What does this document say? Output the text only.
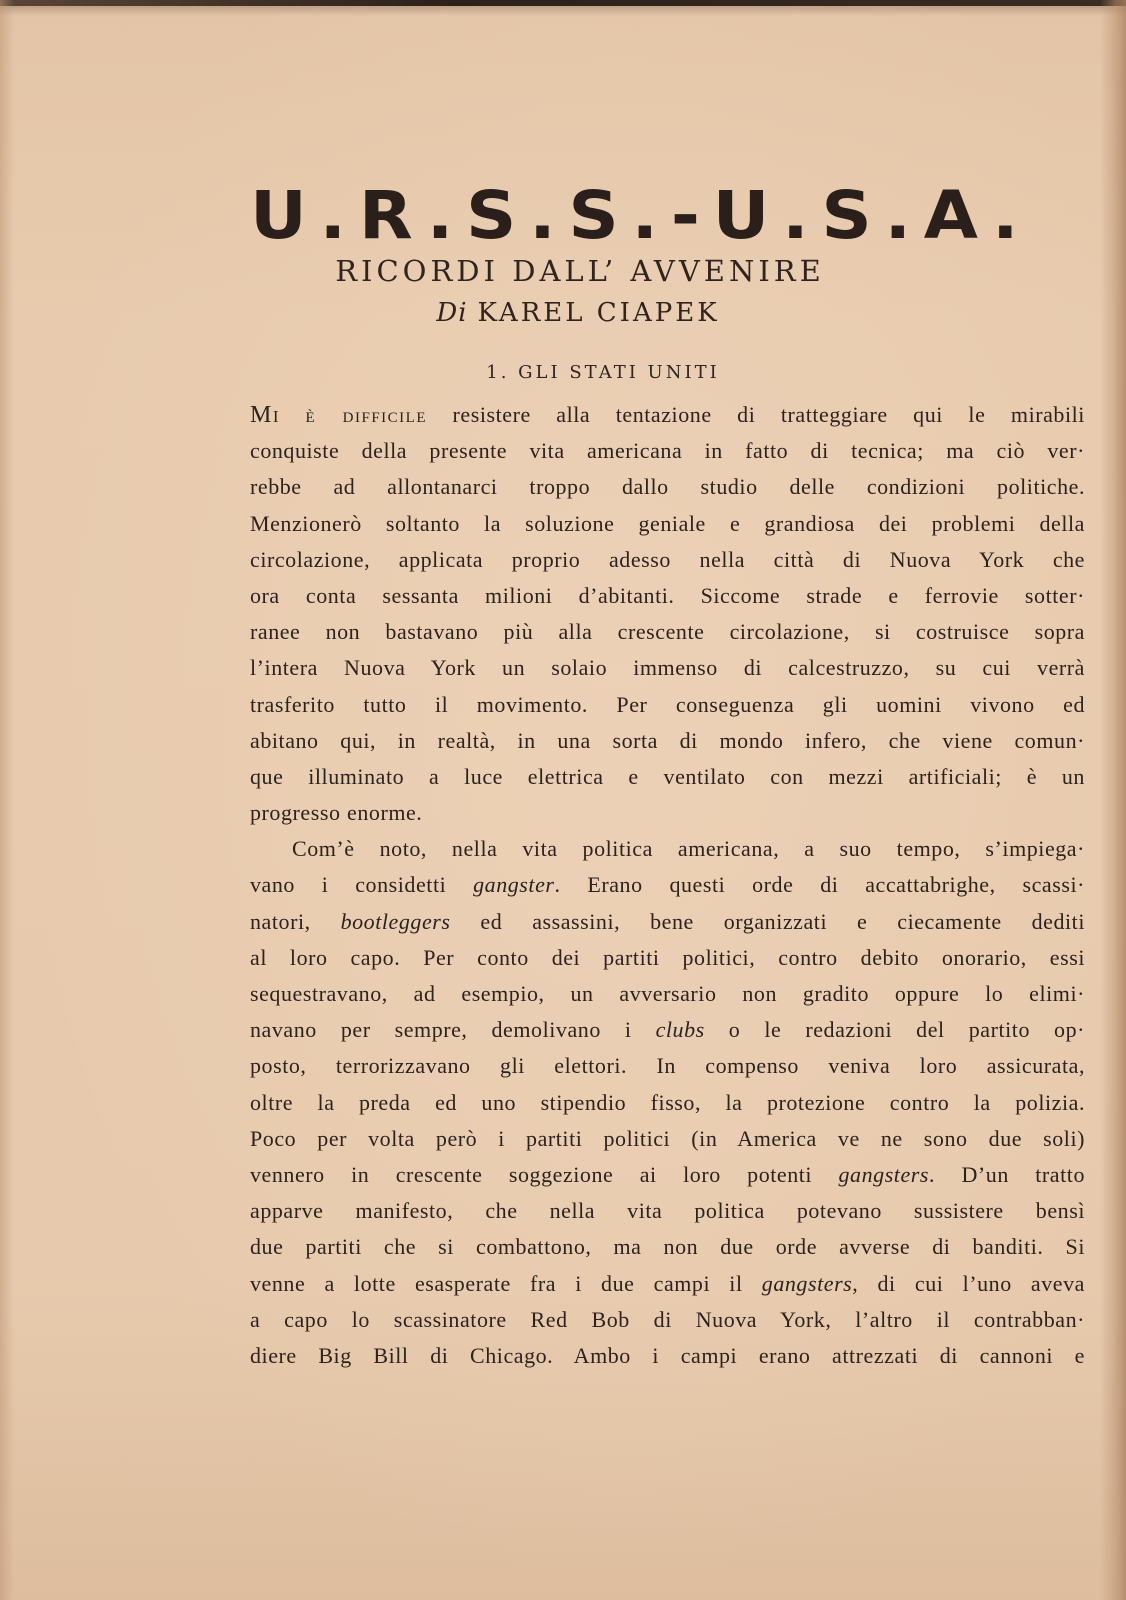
U.R.S.S.-U.S.A.
RICORDI DALL’ AVVENIRE
Di KAREL CIAPEK
1. GLI STATI UNITI
Mi è difficile resistere alla tentazione di tratteggiare qui le mirabili
conquiste della presente vita americana in fatto di tecnica; ma ciò ver·
rebbe ad allontanarci troppo dallo studio delle condizioni politiche.
Menzionerò soltanto la soluzione geniale e grandiosa dei problemi della
circolazione, applicata proprio adesso nella città di Nuova York che
ora conta sessanta milioni d’abitanti. Siccome strade e ferrovie sotter·
ranee non bastavano più alla crescente circolazione, si costruisce sopra
l’intera Nuova York un solaio immenso di calcestruzzo, su cui verrà
trasferito tutto il movimento. Per conseguenza gli uomini vivono ed
abitano qui, in realtà, in una sorta di mondo infero, che viene comun·
que illuminato a luce elettrica e ventilato con mezzi artificiali; è un
progresso enorme.
Com’è noto, nella vita politica americana, a suo tempo, s’impiega·
vano i considetti gangster. Erano questi orde di accattabrighe, scassi·
natori, bootleggers ed assassini, bene organizzati e ciecamente dediti
al loro capo. Per conto dei partiti politici, contro debito onorario, essi
sequestravano, ad esempio, un avversario non gradito oppure lo elimi·
navano per sempre, demolivano i clubs o le redazioni del partito op·
posto, terrorizzavano gli elettori. In compenso veniva loro assicurata,
oltre la preda ed uno stipendio fisso, la protezione contro la polizia.
Poco per volta però i partiti politici (in America ve ne sono due soli)
vennero in crescente soggezione ai loro potenti gangsters. D’un tratto
apparve manifesto, che nella vita politica potevano sussistere bensì
due partiti che si combattono, ma non due orde avverse di banditi. Si
venne a lotte esasperate fra i due campi il gangsters, di cui l’uno aveva
a capo lo scassinatore Red Bob di Nuova York, l’altro il contrabban·
diere Big Bill di Chicago. Ambo i campi erano attrezzati di cannoni e
